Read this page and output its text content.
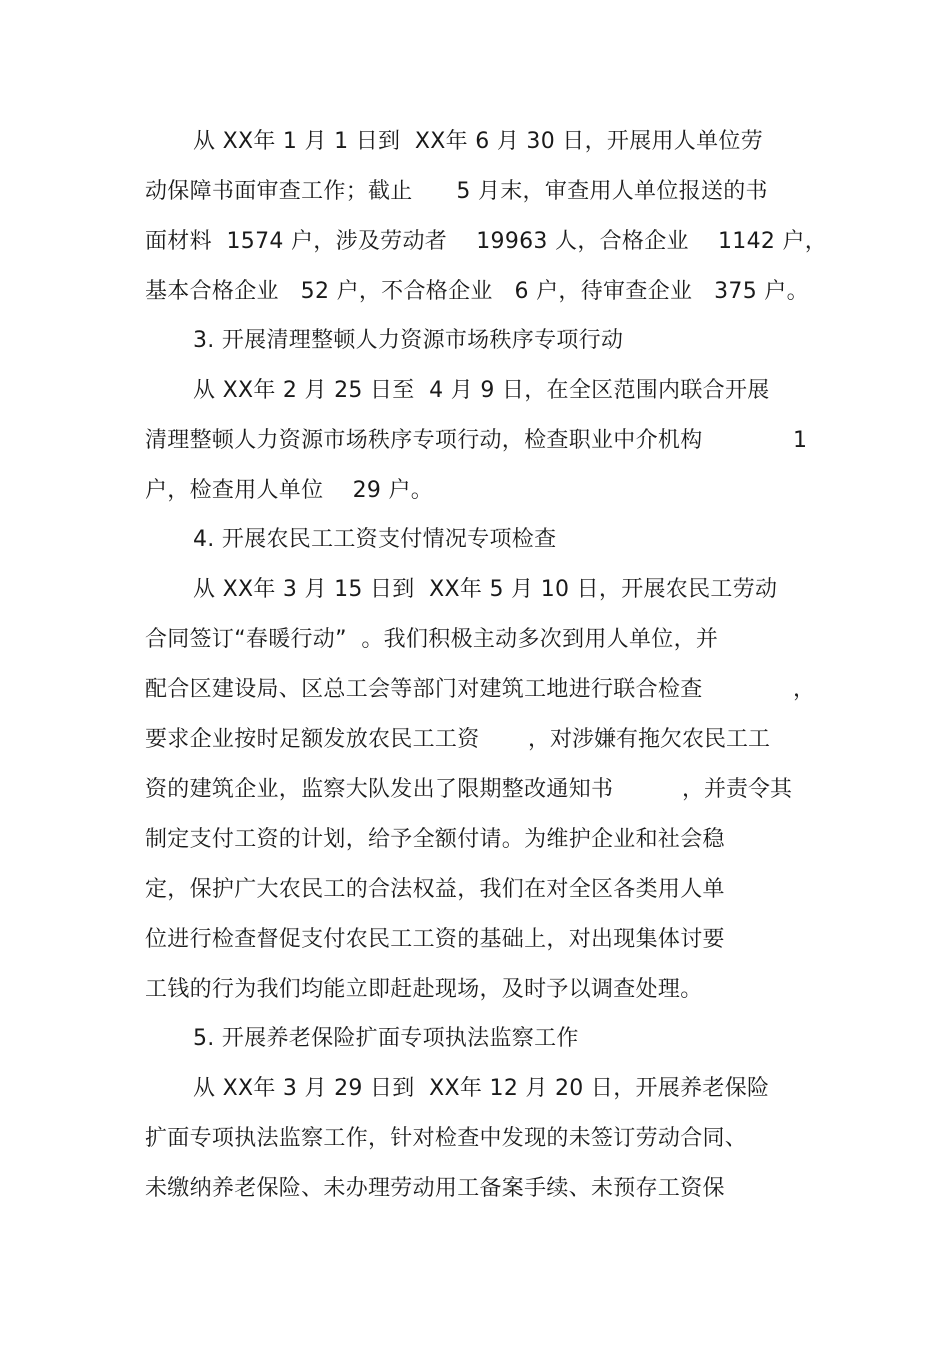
从 XX年 1 月 1 日到  XX年 6 月 30 日，开展用人单位劳
动保障书面审查工作；截止      5 月末，审查用人单位报送的书
面材料  1574 户，涉及劳动者    19963 人，合格企业    1142 户，
基本合格企业   52 户，不合格企业   6 户，待审查企业   375 户。
3. 开展清理整顿人力资源市场秩序专项行动
从 XX年 2 月 25 日至  4 月 9 日，在全区范围内联合开展
清理整顿人力资源市场秩序专项行动，检查职业中介机构	1
户，检查用人单位    29 户。
4. 开展农民工工资支付情况专项检查
从 XX年 3 月 15 日到  XX年 5 月 10 日，开展农民工劳动
合同签订“春暖行动”  。我们积极主动多次到用人单位，并
配合区建设局、区总工会等部门对建筑工地进行联合检查	，
要求企业按时足额发放农民工工资 ，对涉嫌有拖欠农民工工
资的建筑企业，监察大队发出了限期整改通知书	，并责令其
制定支付工资的计划，给予全额付请。为维护企业和社会稳
定，保护广大农民工的合法权益，我们在对全区各类用人单
位进行检查督促支付农民工工资的基础上，对出现集体讨要
工钱的行为我们均能立即赶赴现场，及时予以调查处理。
5. 开展养老保险扩面专项执法监察工作
从 XX年 3 月 29 日到  XX年 12 月 20 日，开展养老保险
扩面专项执法监察工作，针对检查中发现的未签订劳动合同、
未缴纳养老保险、未办理劳动用工备案手续、未预存工资保
